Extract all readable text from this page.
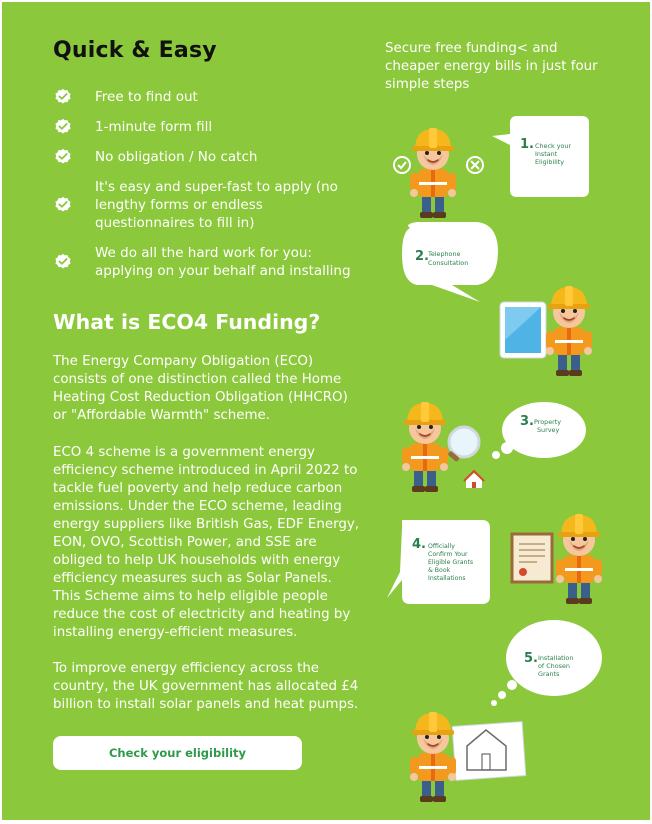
Quick & Easy
Free to find out
1-minute form fill
No obligation / No catch
It's easy and super-fast to apply (no lengthy forms or endless questionnaires to fill in)
We do all the hard work for you: applying on your behalf and installing
What is ECO4 Funding?

The Energy Company Obligation (ECO) consists of one distinction called the Home Heating Cost Reduction Obligation (HHCRO) or "Affordable Warmth" scheme.

ECO 4 scheme is a government energy efficiency scheme introduced in April 2022 to tackle fuel poverty and help reduce carbon emissions. Under the ECO scheme, leading energy suppliers like British Gas, EDF Energy, EON, OVO, Scottish Power, and SSE are obliged to help UK households with energy efficiency measures such as Solar Panels. This Scheme aims to help eligible people reduce the cost of electricity and heating by installing energy-efficient measures.

To improve energy efficiency across the country, the UK government has allocated £4 billion to install solar panels and heat pumps.

Check your eligibility

Secure free funding< and cheaper energy bills in just four simple steps

1. Check your
Instant
Eligibility
2. Telephone
Consultation
3. Property
Survey
4. Officially
Confirm Your
Eligible Grants
& Book
Installations
5. Installation
of Chosen
Grants
